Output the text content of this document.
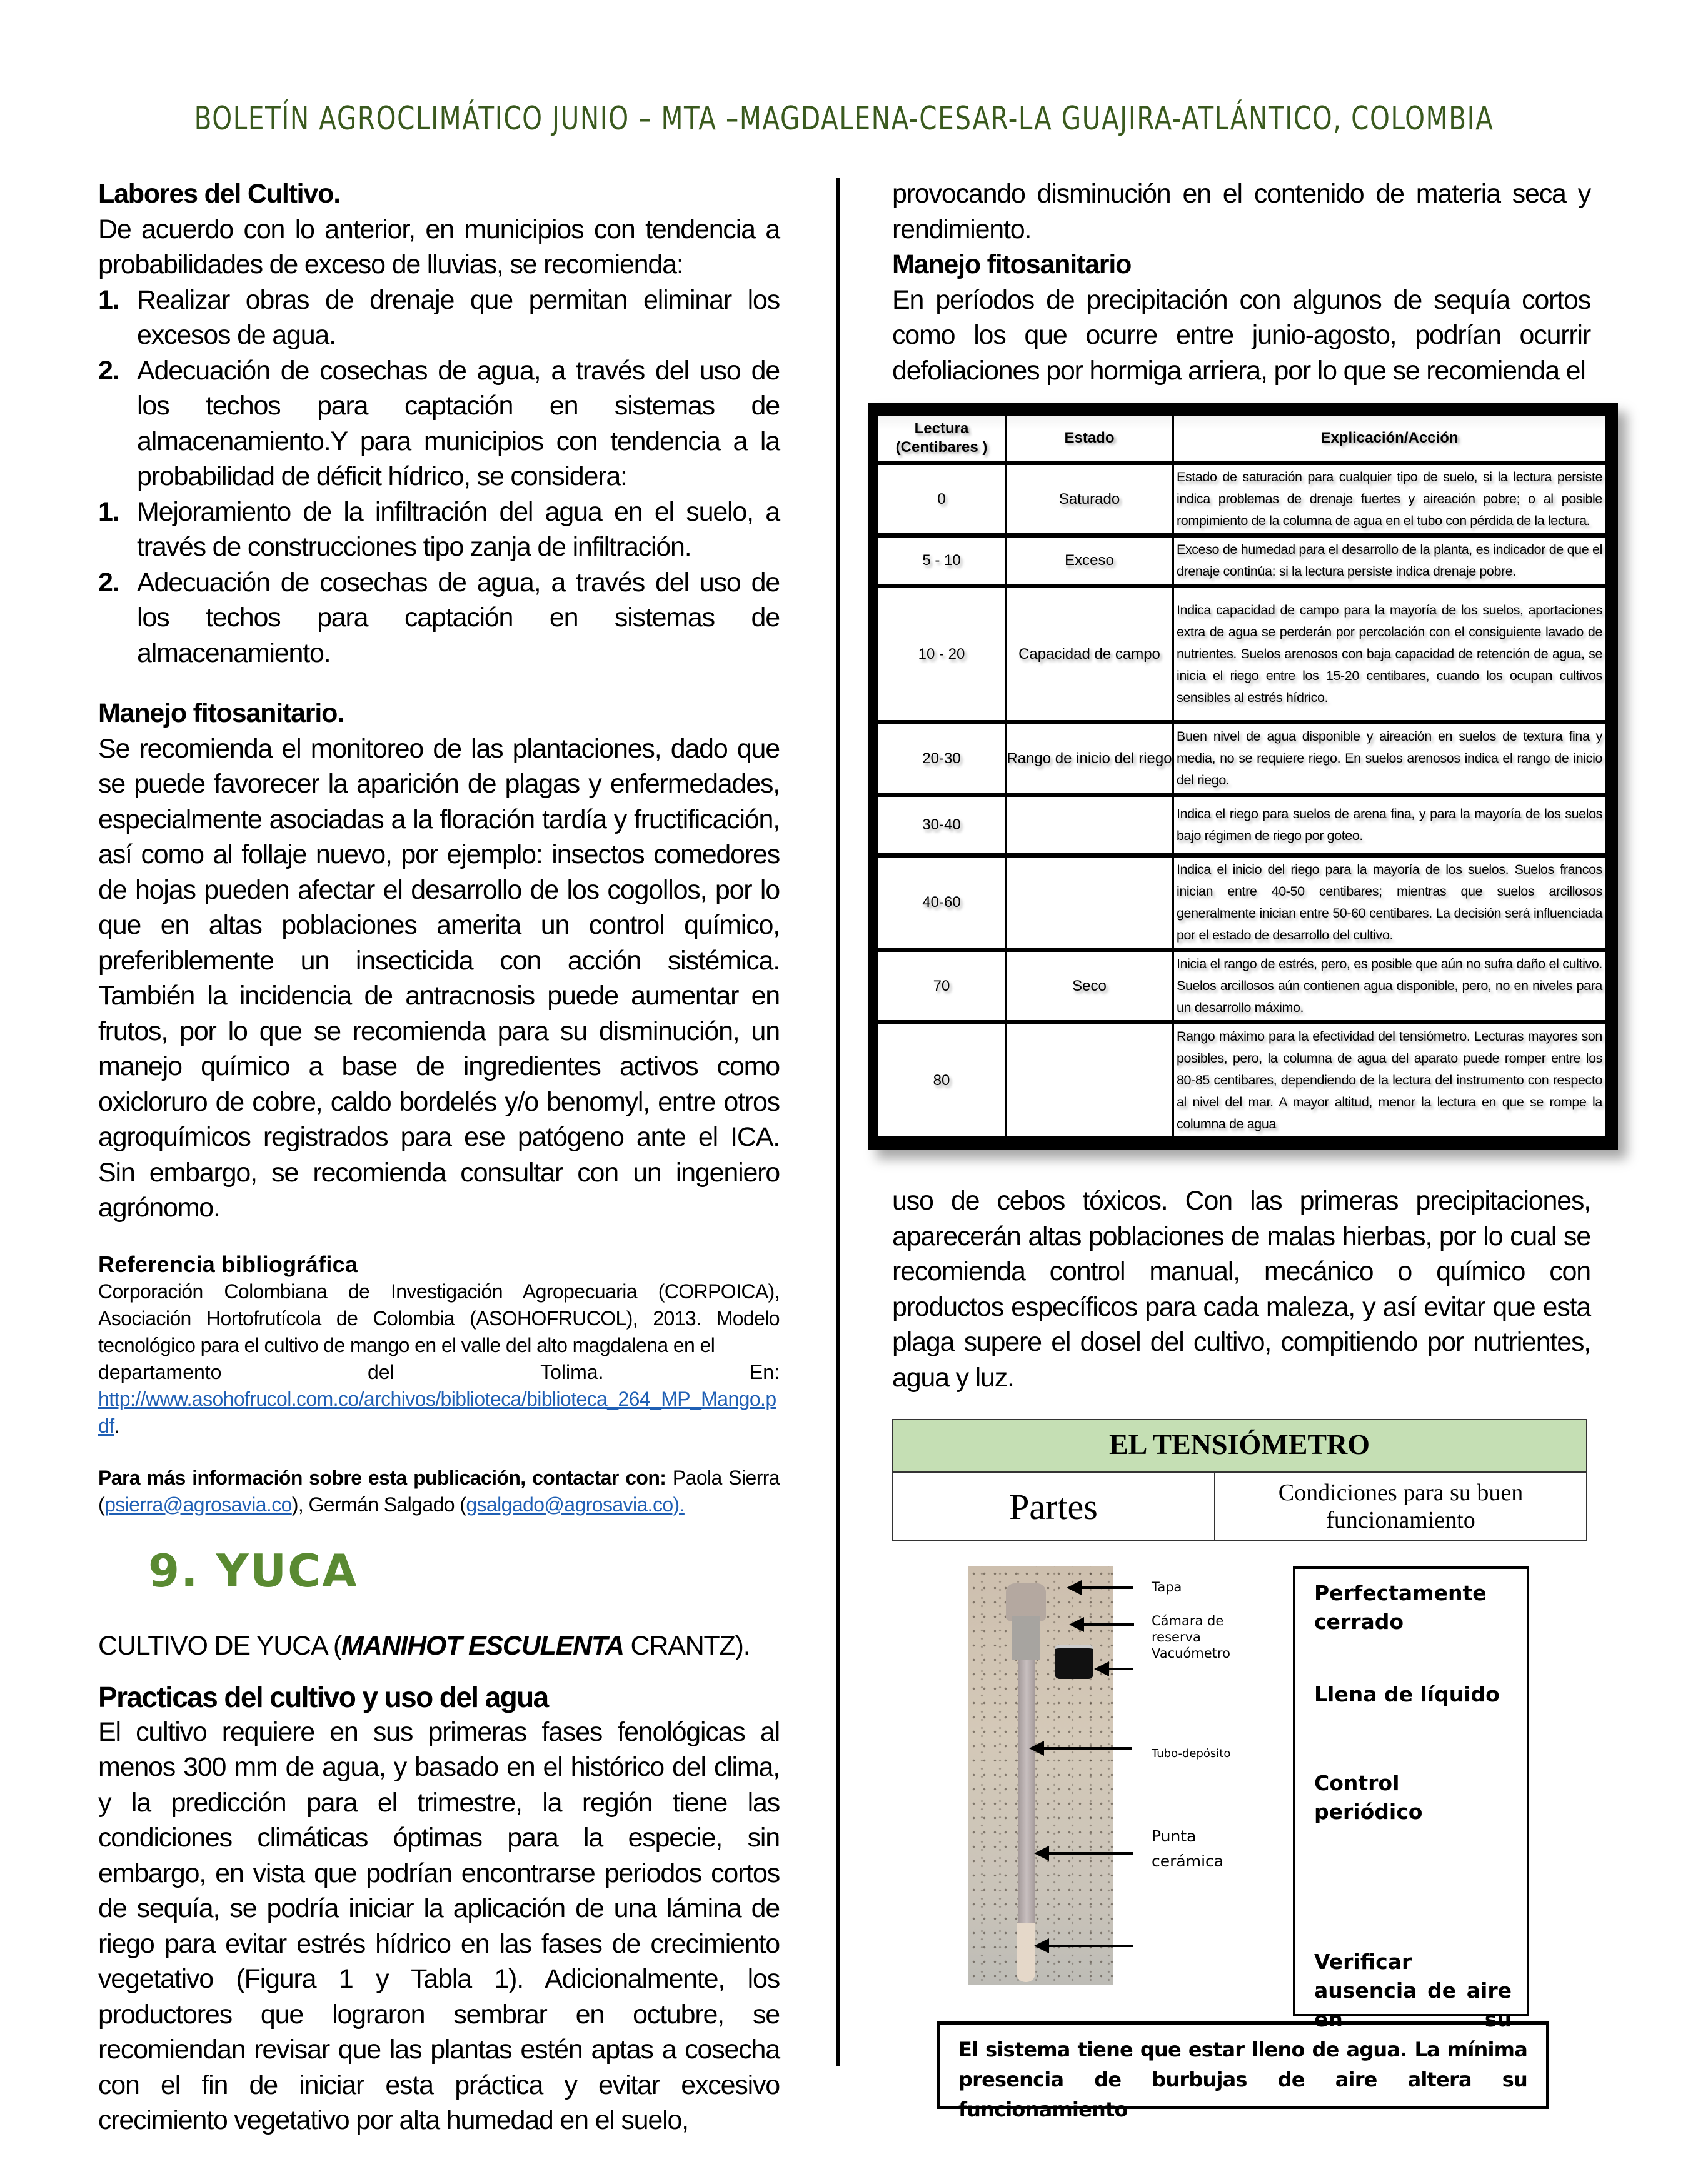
BOLETÍN AGROCLIMÁTICO JUNIO – MTA –MAGDALENA-CESAR-LA GUAJIRA-ATLÁNTICO, COLOMBIA
Labores del Cultivo.

De acuerdo con lo anterior, en municipios con tendencia a probabilidades de exceso de lluvias, se recomienda:

1. Realizar obras de drenaje que permitan eliminar los excesos de agua.
2. Adecuación de cosechas de agua, a través del uso de los techos para captación en sistemas de almacenamiento.Y para municipios con tendencia a la probabilidad de déficit hídrico, se considera:
1. Mejoramiento de la infiltración del agua en el suelo, a través de construcciones tipo zanja de infiltración.
2. Adecuación de cosechas de agua, a través del uso de los techos para captación en sistemas de almacenamiento.
Manejo fitosanitario.

Se recomienda el monitoreo de las plantaciones, dado que se puede favorecer la aparición de plagas y enfermedades, especialmente asociadas a la floración tardía y fructificación, así como al follaje nuevo, por ejemplo: insectos comedores de hojas pueden afectar el desarrollo de los cogollos, por lo que en altas poblaciones amerita un control químico, preferiblemente un insecticida con acción sistémica. También la incidencia de antracnosis puede aumentar en frutos, por lo que se recomienda para su disminución, un manejo químico a base de ingredientes activos como oxicloruro de cobre, caldo bordelés y/o benomyl, entre otros agroquímicos registrados para ese patógeno ante el ICA. Sin embargo, se recomienda consultar con un ingeniero agrónomo.

Referencia bibliográfica

Corporación Colombiana de Investigación Agropecuaria (CORPOICA), Asociación Hortofrutícola de Colombia (ASOHOFRUCOL), 2013. Modelo tecnológico para el cultivo de mango en el valle del alto magdalena en el

departamento	del	Tolima.	En:
http://www.asohofrucol.com.co/archivos/biblioteca/biblioteca_264_MP_Mango.pdf.

Para más información sobre esta publicación, contactar con: Paola Sierra (psierra@agrosavia.co), Germán Salgado (gsalgado@agrosavia.co).

9. YUCA
CULTIVO DE YUCA (MANIHOT ESCULENTA CRANTZ).
Practicas del cultivo y uso del agua

El cultivo requiere en sus primeras fases fenológicas al menos 300 mm de agua, y basado en el histórico del clima, y la predicción para el trimestre, la región tiene las condiciones climáticas óptimas para la especie, sin embargo, en vista que podrían encontrarse periodos cortos de sequía, se podría iniciar la aplicación de una lámina de riego para evitar estrés hídrico en las fases de crecimiento vegetativo (Figura 1 y Tabla 1). Adicionalmente, los productores que lograron sembrar en octubre, se recomiendan revisar que las plantas estén aptas a cosecha con el fin de iniciar esta práctica y evitar excesivo crecimiento vegetativo por alta humedad en el suelo,

provocando disminución en el contenido de materia seca y rendimiento.

Manejo fitosanitario

En períodos de precipitación con algunos de sequía cortos como los que ocurre entre junio-agosto, podrían ocurrir defoliaciones por hormiga arriera, por lo que se recomienda el

Lectura (Centibares )	Estado	Explicación/Acción
0	Saturado	Estado de saturación para cualquier tipo de suelo, si la lectura persiste indica problemas de drenaje fuertes y aireación pobre; o al posible rompimiento de la columna de agua en el tubo con pérdida de la lectura.
5 - 10	Exceso	Exceso de humedad para el desarrollo de la planta, es indicador de que el drenaje continúa: si la lectura persiste indica drenaje pobre.
10 - 20	Capacidad de campo	Indica capacidad de campo para la mayoría de los suelos, aportaciones extra de agua se perderán por percolación con el consiguiente lavado de nutrientes. Suelos arenosos con baja capacidad de retención de agua, se inicia el riego entre los 15-20 centibares, cuando los ocupan cultivos sensibles al estrés hídrico.
20-30	Rango de inicio del riego	Buen nivel de agua disponible y aireación en suelos de textura fina y media, no se requiere riego. En suelos arenosos indica el rango de inicio del riego.
30-40		Indica el riego para suelos de arena fina, y para la mayoría de los suelos bajo régimen de riego por goteo.
40-60		Indica el inicio del riego para la mayoría de los suelos. Suelos francos inician entre 40-50 centibares; mientras que suelos arcillosos generalmente inician entre 50-60 centibares. La decisión será influenciada por el estado de desarrollo del cultivo.
70	Seco	Inicia el rango de estrés, pero, es posible que aún no sufra daño el cultivo. Suelos arcillosos aún contienen agua disponible, pero, no en niveles para un desarrollo máximo.
80		Rango máximo para la efectividad del tensiómetro. Lecturas mayores son posibles, pero, la columna de agua del aparato puede romper entre los 80-85 centibares, dependiendo de la lectura del instrumento con respecto al nivel del mar. A mayor altitud, menor la lectura en que se rompe la columna de agua

uso de cebos tóxicos. Con las primeras precipitaciones, aparecerán altas poblaciones de malas hierbas, por lo cual se recomienda control manual, mecánico o químico con productos específicos para cada maleza, y así evitar que esta plaga supere el dosel del cultivo, compitiendo por nutrientes, agua y luz.

EL TENSIÓMETRO
Partes	Condiciones para su buen funcionamiento
Tapa
Cámara de reserva
Vacuómetro
Tubo-depósito
Punta cerámica
Perfectamente cerrado
Llena de líquido
Control periódico
Verificar ausencia de aire en su
El sistema tiene que estar lleno de agua. La mínima presencia de burbujas de aire altera su funcionamiento
